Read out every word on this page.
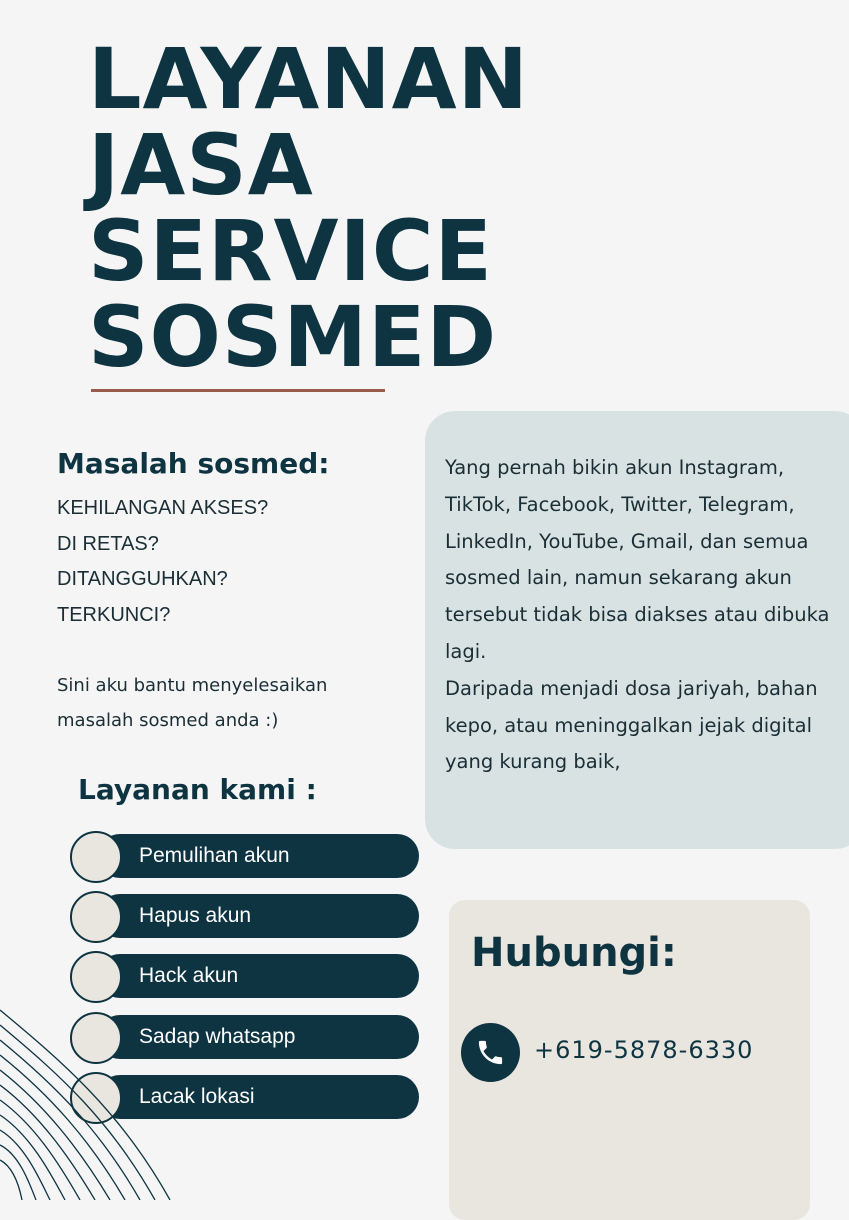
LAYANAN
JASA
SERVICE
SOSMED
Masalah sosmed:
KEHILANGAN AKSES?
DI RETAS?
DITANGGUHKAN?
TERKUNCI?

Sini aku bantu menyelesaikan masalah sosmed anda :)

Layanan kami :
Pemulihan akun
Hapus akun
Hack akun
Sadap whatsapp
Lacak lokasi

Yang pernah bikin akun Instagram, TikTok, Facebook, Twitter, Telegram, LinkedIn, YouTube, Gmail, dan semua sosmed lain, namun sekarang akun tersebut tidak bisa diakses atau dibuka lagi.

Daripada menjadi dosa jariyah, bahan kepo, atau meninggalkan jejak digital yang kurang baik,

Hubungi:
+619-5878-6330
